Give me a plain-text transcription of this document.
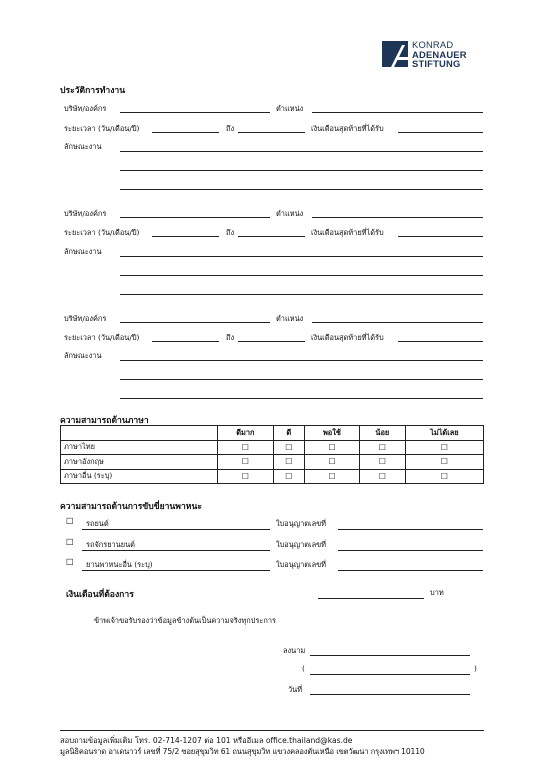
KONRAD
ADENAUER
STIFTUNG
ประวัติการทำงาน
บริษัท/องค์กร	ตำแหน่ง
ระยะเวลา (วัน/เดือน/ปี)	ถึง	เงินเดือนสุดท้ายที่ได้รับ
ลักษณะงาน
บริษัท/องค์กร	ตำแหน่ง
ระยะเวลา (วัน/เดือน/ปี)	ถึง	เงินเดือนสุดท้ายที่ได้รับ
ลักษณะงาน
บริษัท/องค์กร	ตำแหน่ง
ระยะเวลา (วัน/เดือน/ปี)	ถึง	เงินเดือนสุดท้ายที่ได้รับ
ลักษณะงาน
ความสามารถด้านภาษา
	ดีมาก	ดี	พอใช้	น้อย	ไม่ได้เลย
ภาษาไทย	☐	☐	☐	☐	☐
ภาษาอังกฤษ	☐	☐	☐	☐	☐
ภาษาอื่น (ระบุ)	☐	☐	☐	☐	☐
ความสามารถด้านการขับขี่ยานพาหนะ
☐ รถยนต์	ใบอนุญาตเลขที่
☐ รถจักรยานยนต์	ใบอนุญาตเลขที่
☐ ยานพาหนะอื่น (ระบุ)	ใบอนุญาตเลขที่
เงินเดือนที่ต้องการ	บาท
ข้าพเจ้าขอรับรองว่าข้อมูลข้างต้นเป็นความจริงทุกประการ
ลงนาม
(	)
วันที่
สอบถามข้อมูลเพิ่มเติม โทร. 02-714-1207 ต่อ 101 หรืออีเมล office.thailand@kas.de
มูลนิธิคอนราด อาเดนาวร์ เลขที่ 75/2 ซอยสุขุมวิท 61 ถนนสุขุมวิท แขวงคลองตันเหนือ เขตวัฒนา กรุงเทพฯ 10110
